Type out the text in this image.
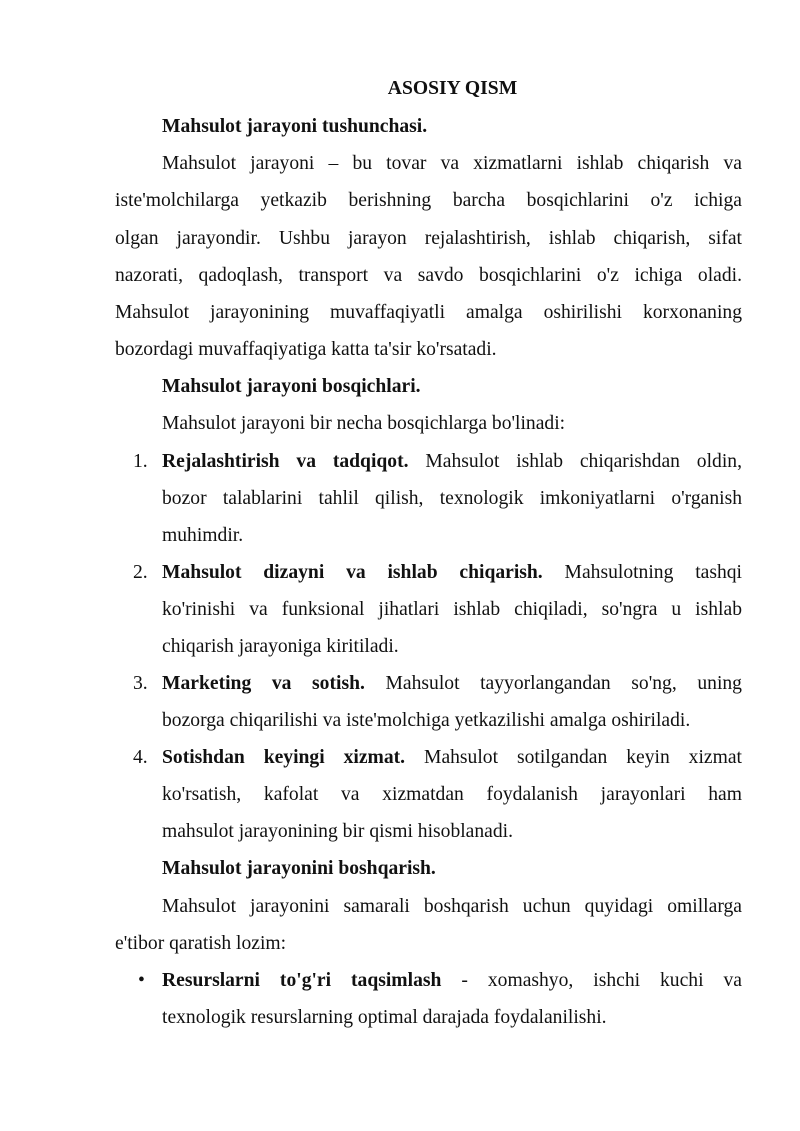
ASOSIY QISM
Mahsulot jarayoni tushunchasi.
Mahsulot jarayoni – bu tovar va xizmatlarni ishlab chiqarish va
iste'molchilarga yetkazib berishning barcha bosqichlarini o'z ichiga
olgan jarayondir. Ushbu jarayon rejalashtirish, ishlab chiqarish, sifat
nazorati, qadoqlash, transport va savdo bosqichlarini o'z ichiga oladi.
Mahsulot jarayonining muvaffaqiyatli amalga oshirilishi korxonaning
bozordagi muvaffaqiyatiga katta ta'sir ko'rsatadi.
Mahsulot jarayoni bosqichlari.
Mahsulot jarayoni bir necha bosqichlarga bo'linadi:
1. Rejalashtirish va tadqiqot. Mahsulot ishlab chiqarishdan oldin,
bozor talablarini tahlil qilish, texnologik imkoniyatlarni o'rganish
muhimdir.
2. Mahsulot dizayni va ishlab chiqarish. Mahsulotning tashqi
ko'rinishi va funksional jihatlari ishlab chiqiladi, so'ngra u ishlab
chiqarish jarayoniga kiritiladi.
3. Marketing va sotish. Mahsulot tayyorlangandan so'ng, uning
bozorga chiqarilishi va iste'molchiga yetkazilishi amalga oshiriladi.
4. Sotishdan keyingi xizmat. Mahsulot sotilgandan keyin xizmat
ko'rsatish, kafolat va xizmatdan foydalanish jarayonlari ham
mahsulot jarayonining bir qismi hisoblanadi.
Mahsulot jarayonini boshqarish.
Mahsulot jarayonini samarali boshqarish uchun quyidagi omillarga
e'tibor qaratish lozim:
• Resurslarni to'g'ri taqsimlash - xomashyo, ishchi kuchi va
texnologik resurslarning optimal darajada foydalanilishi.
